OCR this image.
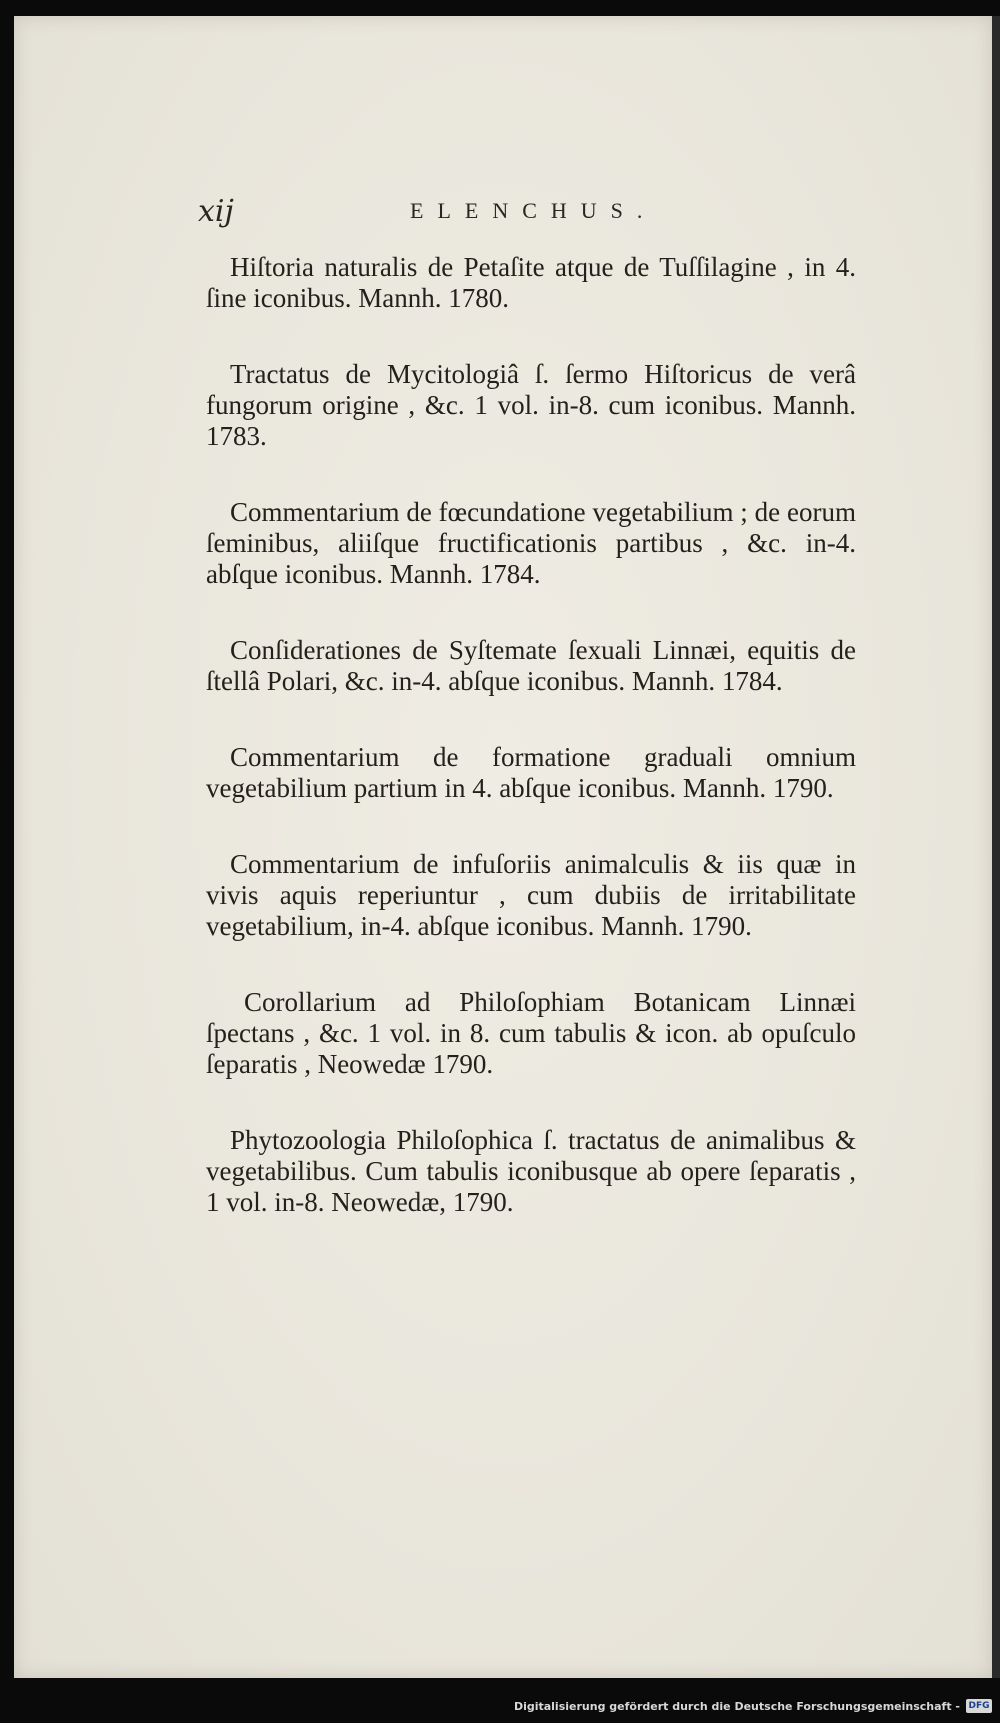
xij	ELENCHUS.

Hiſtoria naturalis de Petaſite atque de Tuſſilagine , in 4. ſine iconibus. Mannh. 1780.

Tractatus de Mycitologiâ ſ. ſermo Hiſtoricus de verâ fungorum origine , &c. 1 vol. in-8. cum iconibus. Mannh. 1783.

Commentarium de fœcundatione vegetabilium ; de eorum ſeminibus, aliiſque fructificationis partibus , &c. in-4. abſque iconibus. Mannh. 1784.

Conſiderationes de Syſtemate ſexuali Linnæi, equitis de ſtellâ Polari, &c. in-4. abſque iconibus. Mannh. 1784.

Commentarium de formatione graduali omnium vegetabilium partium in 4. abſque iconibus. Mannh. 1790.

Commentarium de infuſoriis animalculis & iis quæ in vivis aquis reperiuntur , cum dubiis de irritabilitate vegetabilium, in-4. abſque iconibus. Mannh. 1790.

Corollarium ad Philoſophiam Botanicam Linnæi ſpectans , &c. 1 vol. in 8. cum tabulis & icon. ab opuſculo ſeparatis , Neowedæ 1790.

Phytozoologia Philoſophica ſ. tractatus de animalibus & vegetabilibus. Cum tabulis iconibusque ab opere ſeparatis , 1 vol. in-8. Neowedæ, 1790.

Digitalisierung gefördert durch die Deutsche Forschungsgemeinschaft - DFG
